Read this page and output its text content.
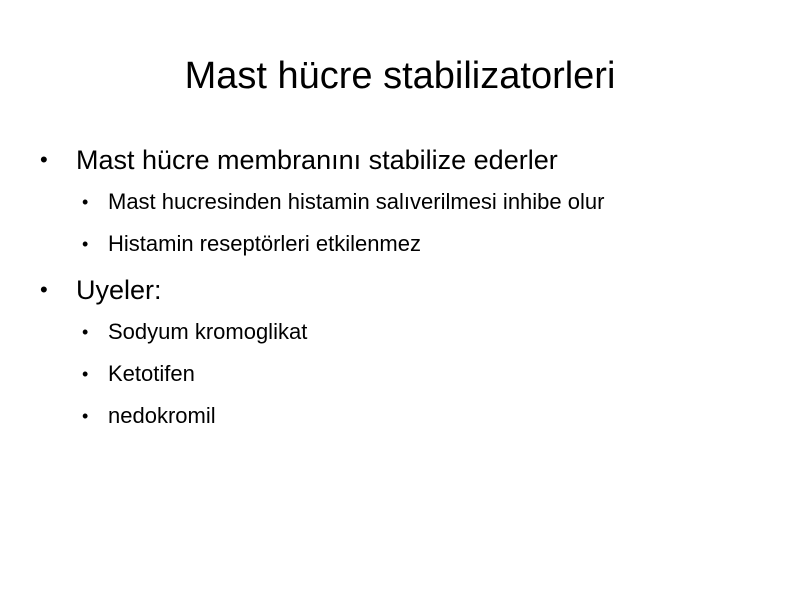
Mast hücre stabilizatorleri
• Mast hücre membranını stabilize ederler
• Mast hucresinden histamin salıverilmesi inhibe olur
• Histamin reseptörleri etkilenmez
• Uyeler:
• Sodyum kromoglikat
• Ketotifen
• nedokromil
